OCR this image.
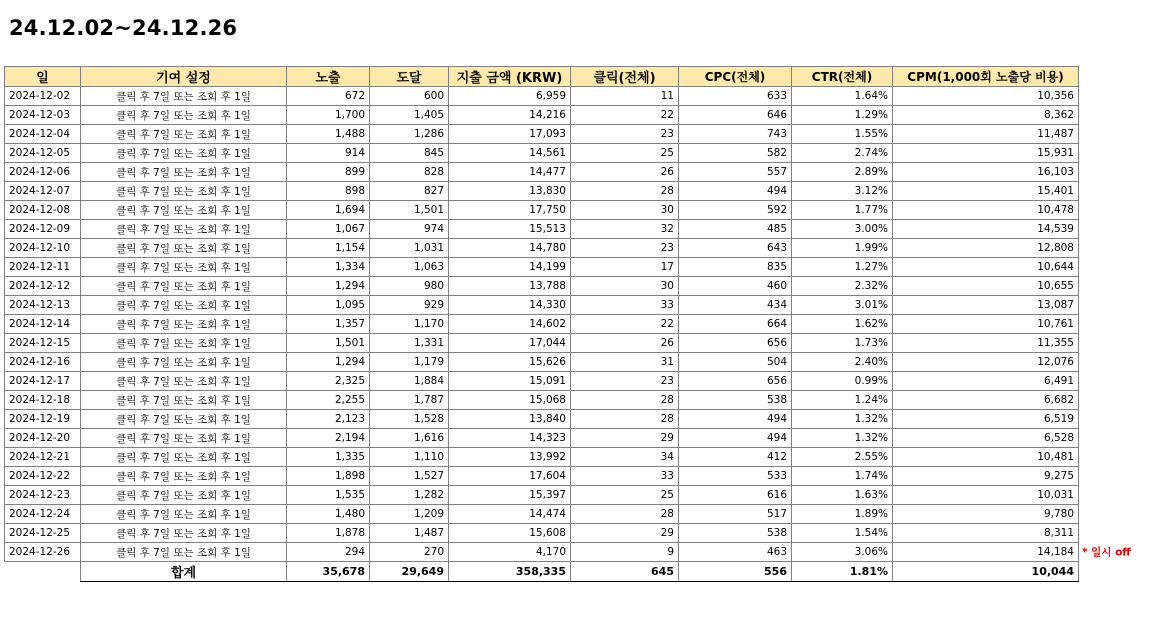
24.12.02~24.12.26
일	기여 설정	노출	도달	지출 금액 (KRW)	클릭(전체)	CPC(전체)	CTR(전체)	CPM(1,000회 노출당 비용)
2024-12-02	클릭 후 7일 또는 조회 후 1일	672	600	6,959	11	633	1.64%	10,356
2024-12-03	클릭 후 7일 또는 조회 후 1일	1,700	1,405	14,216	22	646	1.29%	8,362
2024-12-04	클릭 후 7일 또는 조회 후 1일	1,488	1,286	17,093	23	743	1.55%	11,487
2024-12-05	클릭 후 7일 또는 조회 후 1일	914	845	14,561	25	582	2.74%	15,931
2024-12-06	클릭 후 7일 또는 조회 후 1일	899	828	14,477	26	557	2.89%	16,103
2024-12-07	클릭 후 7일 또는 조회 후 1일	898	827	13,830	28	494	3.12%	15,401
2024-12-08	클릭 후 7일 또는 조회 후 1일	1,694	1,501	17,750	30	592	1.77%	10,478
2024-12-09	클릭 후 7일 또는 조회 후 1일	1,067	974	15,513	32	485	3.00%	14,539
2024-12-10	클릭 후 7일 또는 조회 후 1일	1,154	1,031	14,780	23	643	1.99%	12,808
2024-12-11	클릭 후 7일 또는 조회 후 1일	1,334	1,063	14,199	17	835	1.27%	10,644
2024-12-12	클릭 후 7일 또는 조회 후 1일	1,294	980	13,788	30	460	2.32%	10,655
2024-12-13	클릭 후 7일 또는 조회 후 1일	1,095	929	14,330	33	434	3.01%	13,087
2024-12-14	클릭 후 7일 또는 조회 후 1일	1,357	1,170	14,602	22	664	1.62%	10,761
2024-12-15	클릭 후 7일 또는 조회 후 1일	1,501	1,331	17,044	26	656	1.73%	11,355
2024-12-16	클릭 후 7일 또는 조회 후 1일	1,294	1,179	15,626	31	504	2.40%	12,076
2024-12-17	클릭 후 7일 또는 조회 후 1일	2,325	1,884	15,091	23	656	0.99%	6,491
2024-12-18	클릭 후 7일 또는 조회 후 1일	2,255	1,787	15,068	28	538	1.24%	6,682
2024-12-19	클릭 후 7일 또는 조회 후 1일	2,123	1,528	13,840	28	494	1.32%	6,519
2024-12-20	클릭 후 7일 또는 조회 후 1일	2,194	1,616	14,323	29	494	1.32%	6,528
2024-12-21	클릭 후 7일 또는 조회 후 1일	1,335	1,110	13,992	34	412	2.55%	10,481
2024-12-22	클릭 후 7일 또는 조회 후 1일	1,898	1,527	17,604	33	533	1.74%	9,275
2024-12-23	클릭 후 7일 또는 조회 후 1일	1,535	1,282	15,397	25	616	1.63%	10,031
2024-12-24	클릭 후 7일 또는 조회 후 1일	1,480	1,209	14,474	28	517	1.89%	9,780
2024-12-25	클릭 후 7일 또는 조회 후 1일	1,878	1,487	15,608	29	538	1.54%	8,311
2024-12-26	클릭 후 7일 또는 조회 후 1일	294	270	4,170	9	463	3.06%	14,184 * 일시 off

	합계	35,678	29,649	358,335	645	556	1.81%	10,044
